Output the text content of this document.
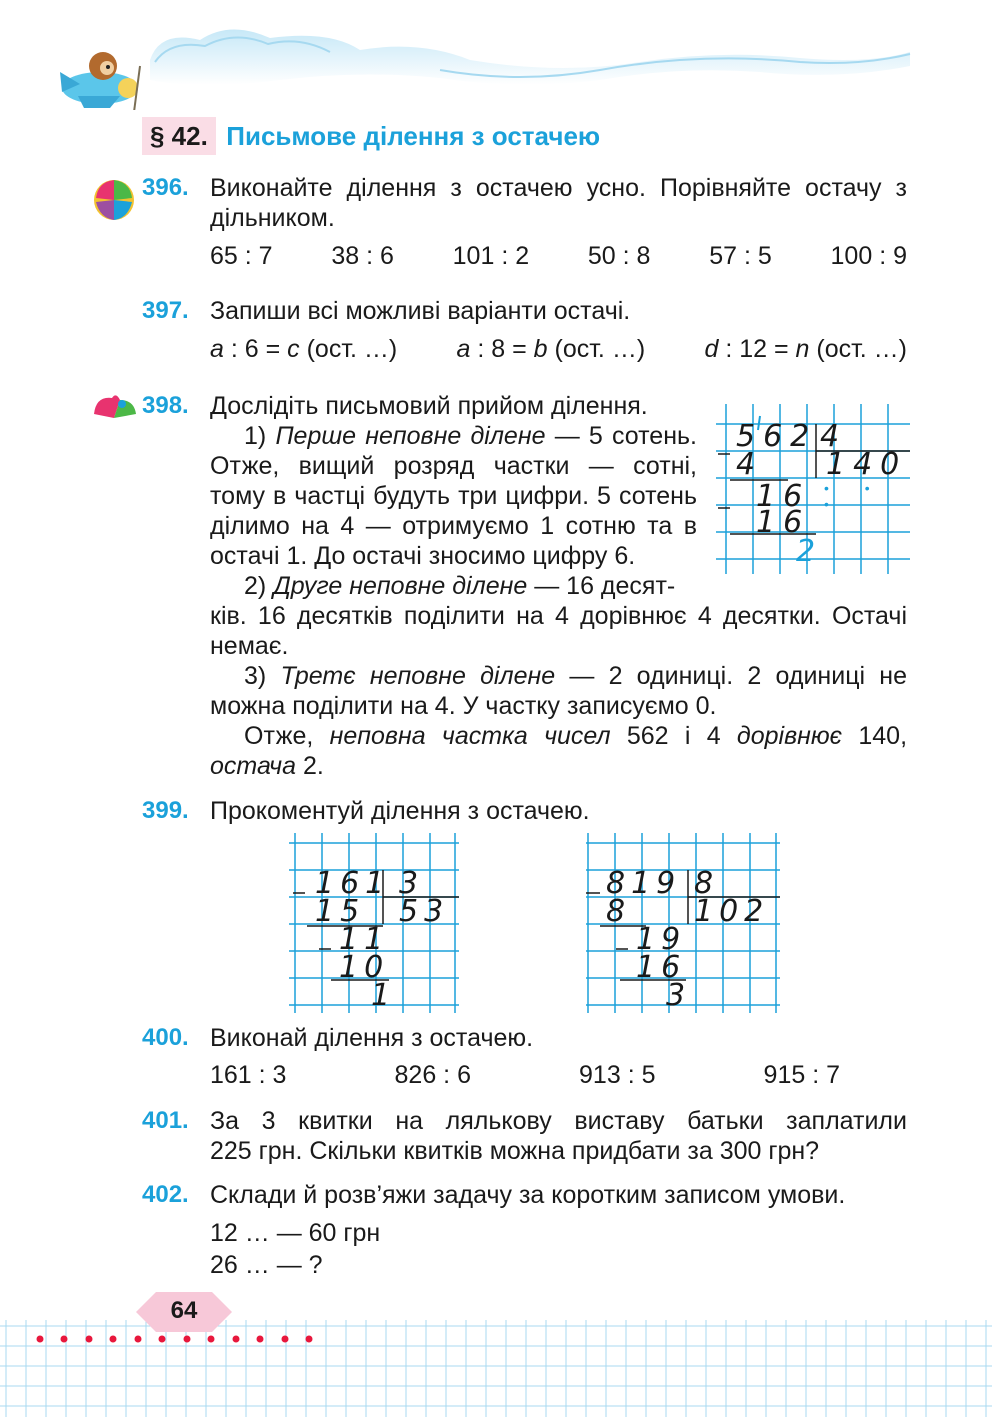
§ 42. Письмове ділення з остачею
396. Виконайте ділення з остачею усно. Порівняйте остачу з
дільником.
65 : 7 38 : 6 101 : 2 50 : 8 57 : 5 100 : 9
397. Запиши всі можливі варіанти остачі.
a : 6 = c (ост. …) a : 8 = b (ост. …) d : 12 = n (ост. …)
398. Дослідіть письмовий прийом ділення.
1) Перше неповне ділене — 5 сотень.
Отже, вищий розряд частки — сотні,
тому в частці будуть три цифри. 5 сотень
ділимо на 4 — отримуємо 1 сотню та в
остачі 1. До остачі зносимо цифру 6.
2) Друге неповне ділене — 16 десят-
ків. 16 десятків поділити на 4 дорівнює 4 десятки. Остачі
немає.
3) Третє неповне ділене — 2 одиниці. 2 одиниці не
можна поділити на 4. У частку записуємо 0.
Отже, неповна частка чисел 562 і 4 дорівнює 140,
остача 2.
562 4
4 140
• • •
16
16
2
399. Прокоментуй ділення з остачею.
161 3
15 53
11
10
1
819 8
8 102
19
16
3
400. Виконай ділення з остачею.
161 : 3	826 : 6	913 : 5	915 : 7
401. За 3 квитки на лялькову виставу батьки заплатили
225 грн. Скільки квитків можна придбати за 300 грн?
402. Склади й розв’яжи задачу за коротким записом умови.
12 … — 60 грн
26 … — ?
64
